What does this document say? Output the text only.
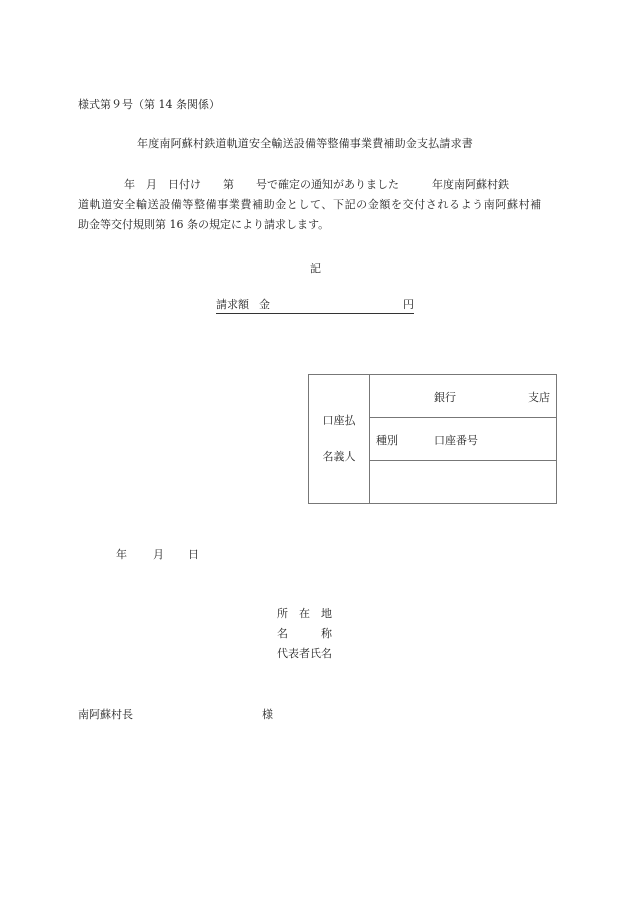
様式第９号（第 14 条関係）
年度南阿蘇村鉄道軌道安全輸送設備等整備事業費補助金支払請求書
年　月　日付け　　第　　号で確定の通知がありました　　　年度南阿蘇村鉄
道軌道安全輸送設備等整備事業費補助金として、下記の金額を交付されるよう南阿蘇村補
助金等交付規則第 16 条の規定により請求します。
記
請求額 金	円
口座払
名義人

銀行	支店

種別	口座番号

年 月 日
所　在　地
名　　　称
代表者氏名
南阿蘇村長	様
